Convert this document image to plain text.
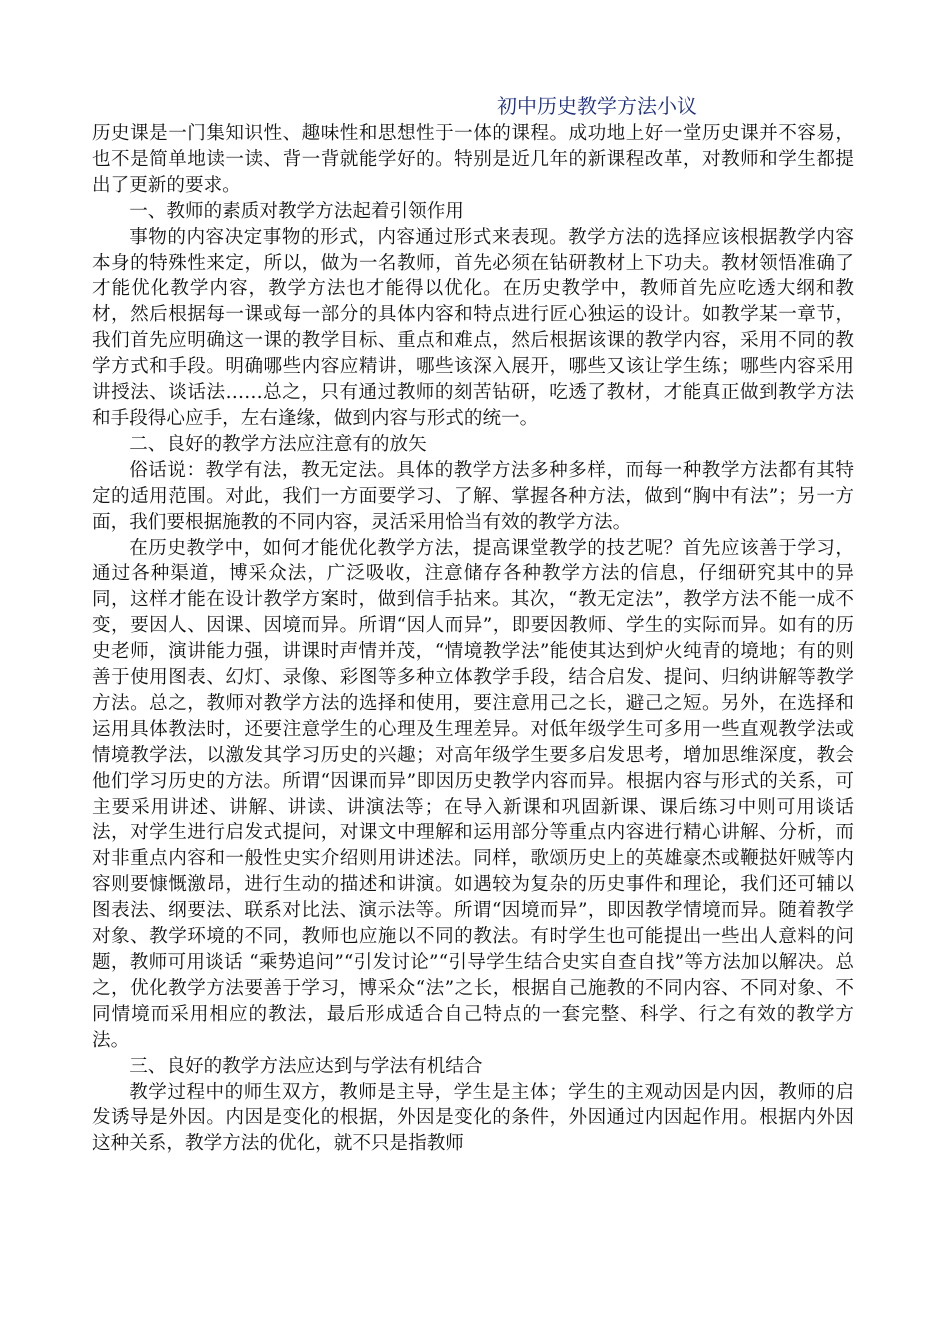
初中历史教学方法小议

历史课是一门集知识性、趣味性和思想性于一体的课程。成功地上好一堂历史课并不容易，也不是简单地读一读、背一背就能学好的。特别是近几年的新课程改革，对教师和学生都提出了更新的要求。

一、教师的素质对教学方法起着引领作用

事物的内容决定事物的形式，内容通过形式来表现。教学方法的选择应该根据教学内容本身的特殊性来定，所以，做为一名教师，首先必须在钻研教材上下功夫。教材领悟准确了才能优化教学内容，教学方法也才能得以优化。在历史教学中，教师首先应吃透大纲和教材，然后根据每一课或每一部分的具体内容和特点进行匠心独运的设计。如教学某一章节，我们首先应明确这一课的教学目标、重点和难点，然后根据该课的教学内容，采用不同的教学方式和手段。明确哪些内容应精讲，哪些该深入展开，哪些又该让学生练；哪些内容采用讲授法、谈话法……总之，只有通过教师的刻苦钻研，吃透了教材，才能真正做到教学方法和手段得心应手，左右逢缘，做到内容与形式的统一。

二、良好的教学方法应注意有的放矢

俗话说：教学有法，教无定法。具体的教学方法多种多样，而每一种教学方法都有其特定的适用范围。对此，我们一方面要学习、了解、掌握各种方法，做到“胸中有法”；另一方面，我们要根据施教的不同内容，灵活采用恰当有效的教学方法。

在历史教学中，如何才能优化教学方法，提高课堂教学的技艺呢？首先应该善于学习，通过各种渠道，博采众法，广泛吸收，注意储存各种教学方法的信息，仔细研究其中的异同，这样才能在设计教学方案时，做到信手拈来。其次，“教无定法”，教学方法不能一成不变，要因人、因课、因境而异。所谓“因人而异”，即要因教师、学生的实际而异。如有的历史老师，演讲能力强，讲课时声情并茂，“情境教学法”能使其达到炉火纯青的境地；有的则善于使用图表、幻灯、录像、彩图等多种立体教学手段，结合启发、提问、归纳讲解等教学方法。总之，教师对教学方法的选择和使用，要注意用己之长，避己之短。另外，在选择和运用具体教法时，还要注意学生的心理及生理差异。对低年级学生可多用一些直观教学法或情境教学法，以激发其学习历史的兴趣；对高年级学生要多启发思考，增加思维深度，教会他们学习历史的方法。所谓“因课而异”即因历史教学内容而异。根据内容与形式的关系，可主要采用讲述、讲解、讲读、讲演法等；在导入新课和巩固新课、课后练习中则可用谈话法，对学生进行启发式提问，对课文中理解和运用部分等重点内容进行精心讲解、分析，而对非重点内容和一般性史实介绍则用讲述法。同样，歌颂历史上的英雄豪杰或鞭挞奸贼等内容则要慷慨激昂，进行生动的描述和讲演。如遇较为复杂的历史事件和理论，我们还可辅以图表法、纲要法、联系对比法、演示法等。所谓“因境而异”，即因教学情境而异。随着教学对象、教学环境的不同，教师也应施以不同的教法。有时学生也可能提出一些出人意料的问题，教师可用谈话 “乘势追问”“引发讨论”“引导学生结合史实自查自找”等方法加以解决。总之，优化教学方法要善于学习，博采众“法”之长，根据自己施教的不同内容、不同对象、不同情境而采用相应的教法，最后形成适合自己特点的一套完整、科学、行之有效的教学方法。

三、良好的教学方法应达到与学法有机结合

教学过程中的师生双方，教师是主导，学生是主体；学生的主观动因是内因，教师的启发诱导是外因。内因是变化的根据，外因是变化的条件，外因通过内因起作用。根据内外因这种关系，教学方法的优化，就不只是指教师
